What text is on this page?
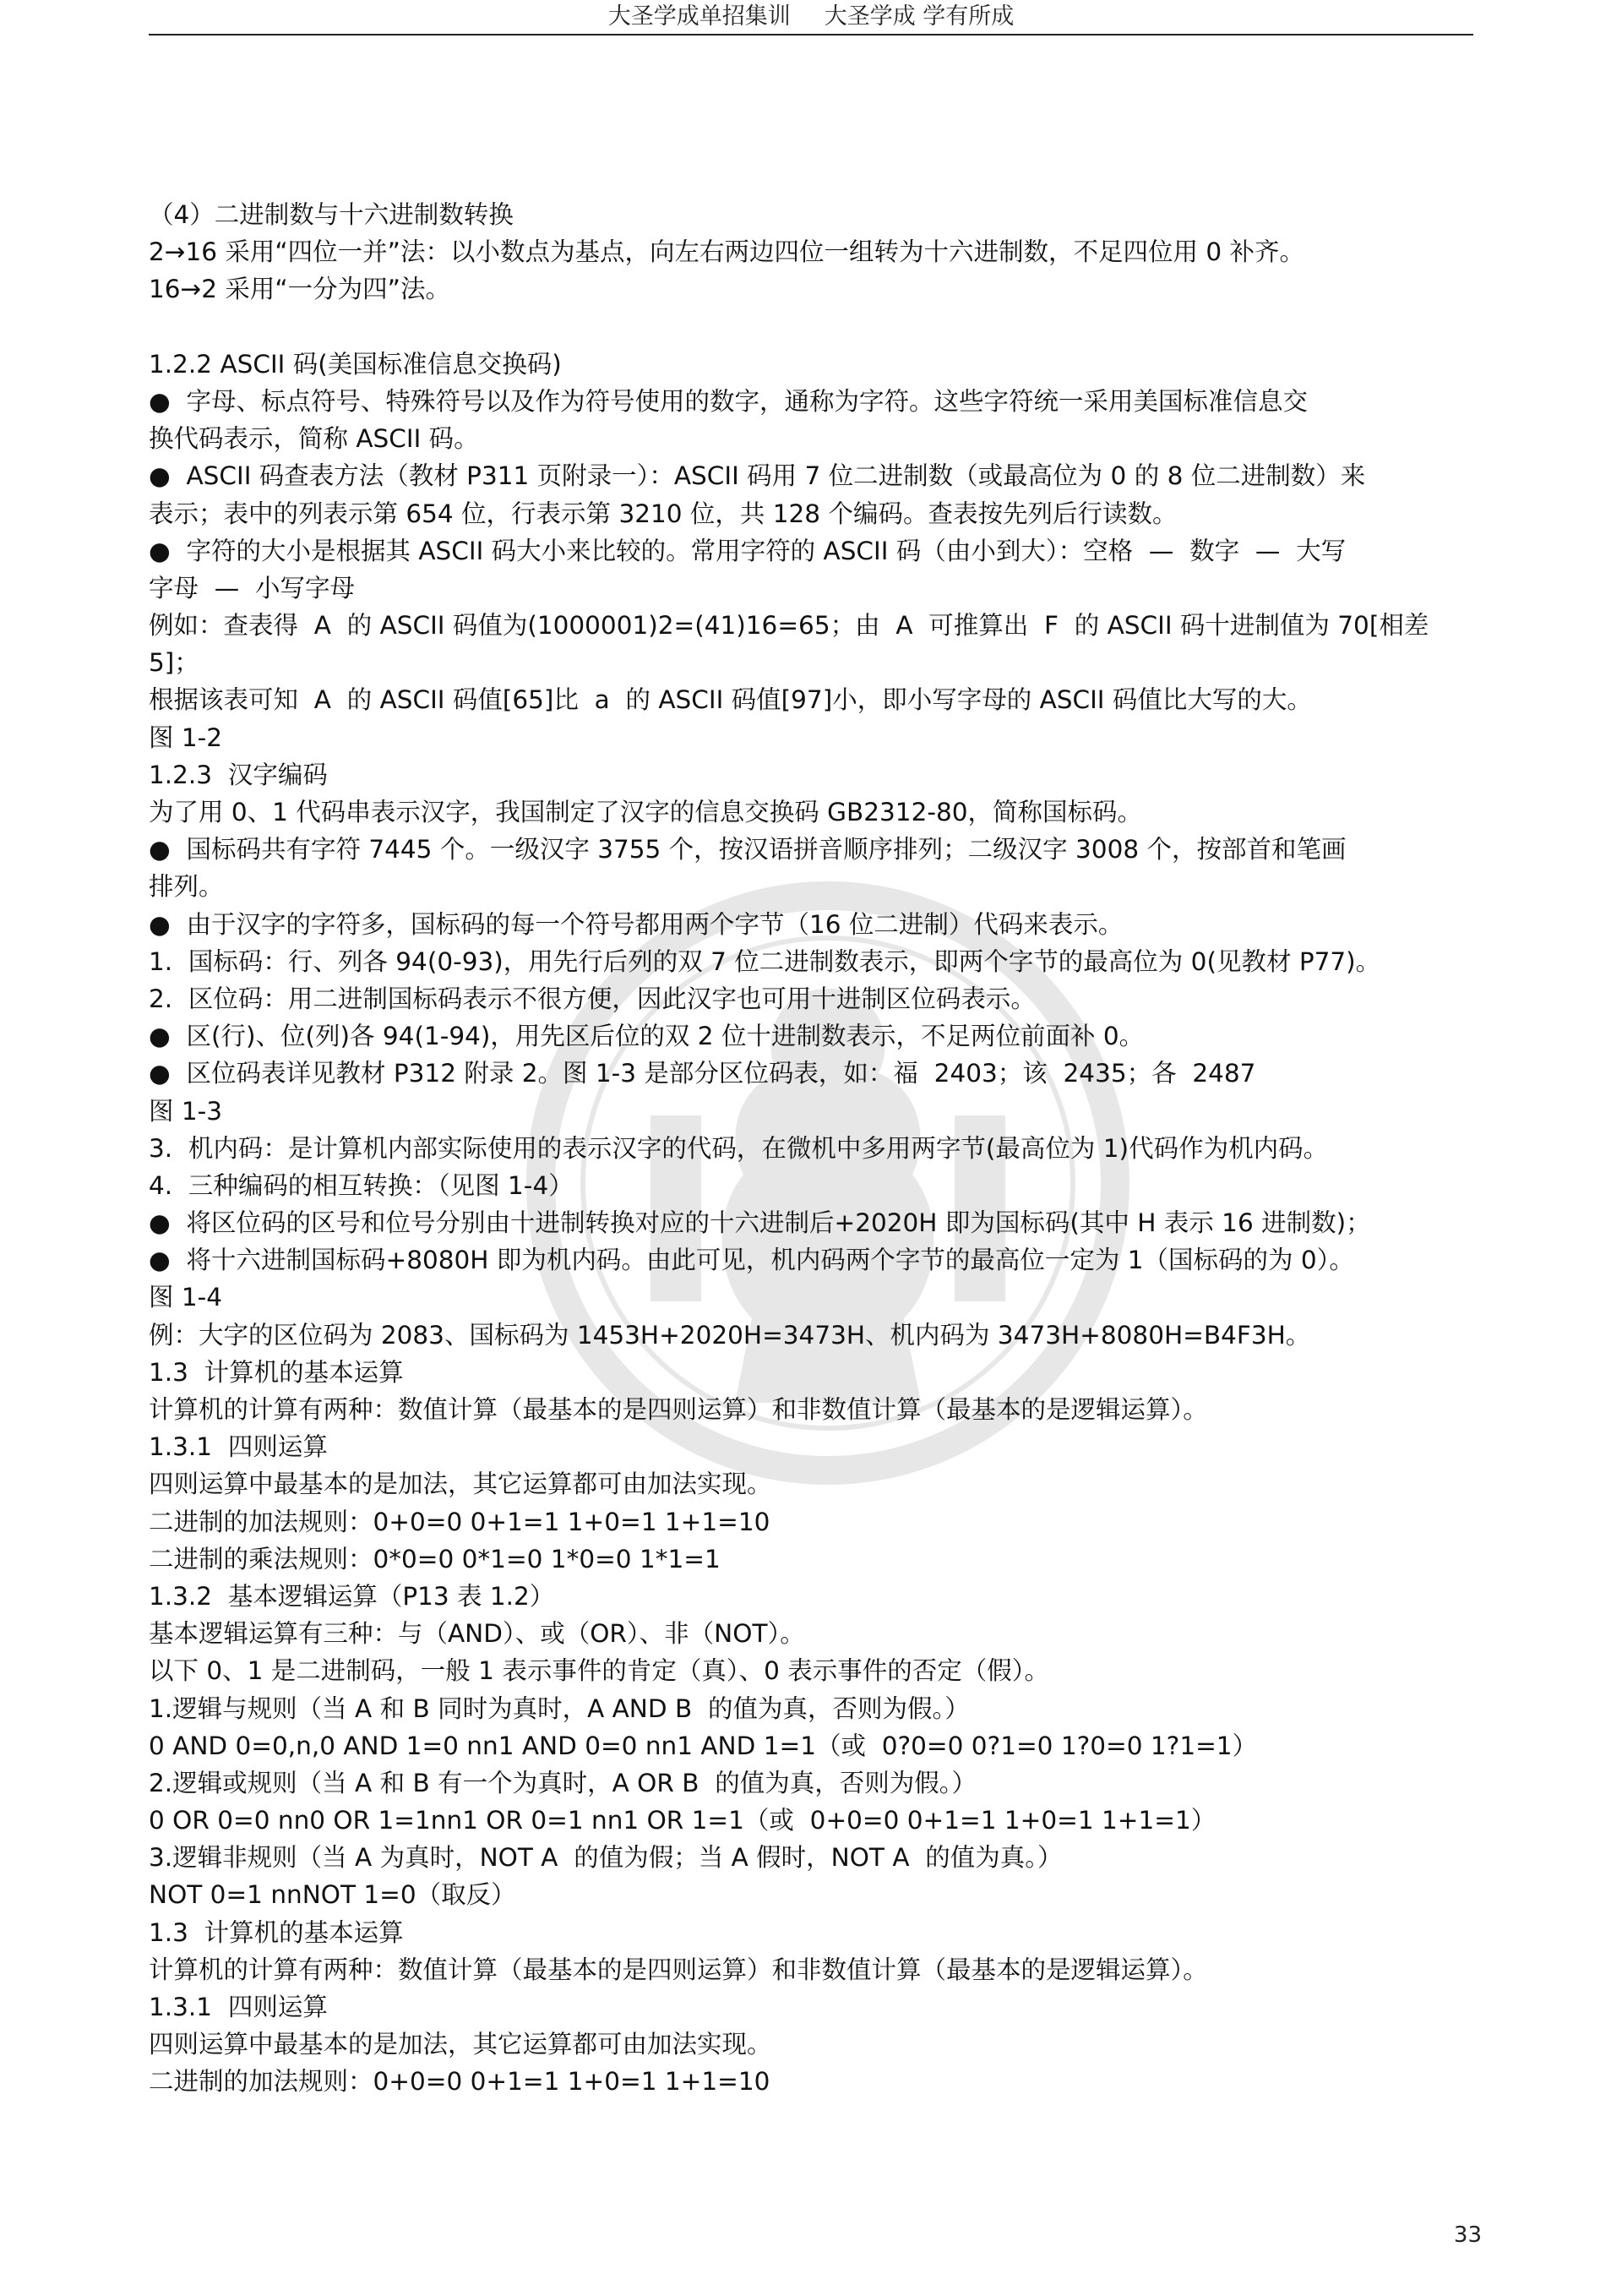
大圣学成单招集训 大圣学成 学有所成
（4）二进制数与十六进制数转换
2→16 采用“四位一并”法：以小数点为基点，向左右两边四位一组转为十六进制数，不足四位用 0 补齐。
16→2 采用“一分为四”法。
1.2.2 ASCII 码(美国标准信息交换码)
●  字母、标点符号、特殊符号以及作为符号使用的数字，通称为字符。这些字符统一采用美国标准信息交
换代码表示，简称 ASCII 码。
●  ASCII 码查表方法（教材 P311 页附录一）：ASCII 码用 7 位二进制数（或最高位为 0 的 8 位二进制数）来
表示；表中的列表示第 654 位，行表示第 3210 位，共 128 个编码。查表按先列后行读数。
●  字符的大小是根据其 ASCII 码大小来比较的。常用字符的 ASCII 码（由小到大）：空格  —  数字  —  大写
字母  —  小写字母
例如：查表得  A  的 ASCII 码值为(1000001)2=(41)16=65；由  A  可推算出  F  的 ASCII 码十进制值为 70[相差
5]；
根据该表可知  A  的 ASCII 码值[65]比  a  的 ASCII 码值[97]小，即小写字母的 ASCII 码值比大写的大。
图 1-2
1.2.3  汉字编码
为了用 0、1 代码串表示汉字，我国制定了汉字的信息交换码 GB2312-80，简称国标码。
●  国标码共有字符 7445 个。一级汉字 3755 个，按汉语拼音顺序排列；二级汉字 3008 个，按部首和笔画
排列。
●  由于汉字的字符多，国标码的每一个符号都用两个字节（16 位二进制）代码来表示。
1.  国标码：行、列各 94(0-93)，用先行后列的双 7 位二进制数表示，即两个字节的最高位为 0(见教材 P77)。
2.  区位码：用二进制国标码表示不很方便，因此汉字也可用十进制区位码表示。
●  区(行)、位(列)各 94(1-94)，用先区后位的双 2 位十进制数表示，不足两位前面补 0。
●  区位码表详见教材 P312 附录 2。图 1-3 是部分区位码表，如：福  2403；该  2435；各  2487
图 1-3
3.  机内码：是计算机内部实际使用的表示汉字的代码，在微机中多用两字节(最高位为 1)代码作为机内码。
4.  三种编码的相互转换：（见图 1-4）
●  将区位码的区号和位号分别由十进制转换对应的十六进制后+2020H 即为国标码(其中 H 表示 16 进制数)；
●  将十六进制国标码+8080H 即为机内码。由此可见，机内码两个字节的最高位一定为 1（国标码的为 0）。
图 1-4
例：大字的区位码为 2083、国标码为 1453H+2020H=3473H、机内码为 3473H+8080H=B4F3H。
1.3  计算机的基本运算
计算机的计算有两种：数值计算（最基本的是四则运算）和非数值计算（最基本的是逻辑运算）。
1.3.1  四则运算
四则运算中最基本的是加法，其它运算都可由加法实现。
二进制的加法规则：0+0=0 0+1=1 1+0=1 1+1=10
二进制的乘法规则：0*0=0 0*1=0 1*0=0 1*1=1
1.3.2  基本逻辑运算（P13 表 1.2）
基本逻辑运算有三种：与（AND）、或（OR）、非（NOT）。
以下 0、1 是二进制码，一般 1 表示事件的肯定（真）、0 表示事件的否定（假）。
1.逻辑与规则（当 A 和 B 同时为真时，A AND B  的值为真，否则为假。）
0 AND 0=0,n,0 AND 1=0 nn1 AND 0=0 nn1 AND 1=1（或  0?0=0 0?1=0 1?0=0 1?1=1）
2.逻辑或规则（当 A 和 B 有一个为真时，A OR B  的值为真，否则为假。）
0 OR 0=0 nn0 OR 1=1nn1 OR 0=1 nn1 OR 1=1（或  0+0=0 0+1=1 1+0=1 1+1=1）
3.逻辑非规则（当 A 为真时，NOT A  的值为假；当 A 假时，NOT A  的值为真。）
NOT 0=1 nnNOT 1=0（取反）
1.3  计算机的基本运算
计算机的计算有两种：数值计算（最基本的是四则运算）和非数值计算（最基本的是逻辑运算）。
1.3.1  四则运算
四则运算中最基本的是加法，其它运算都可由加法实现。
二进制的加法规则：0+0=0 0+1=1 1+0=1 1+1=10
33
